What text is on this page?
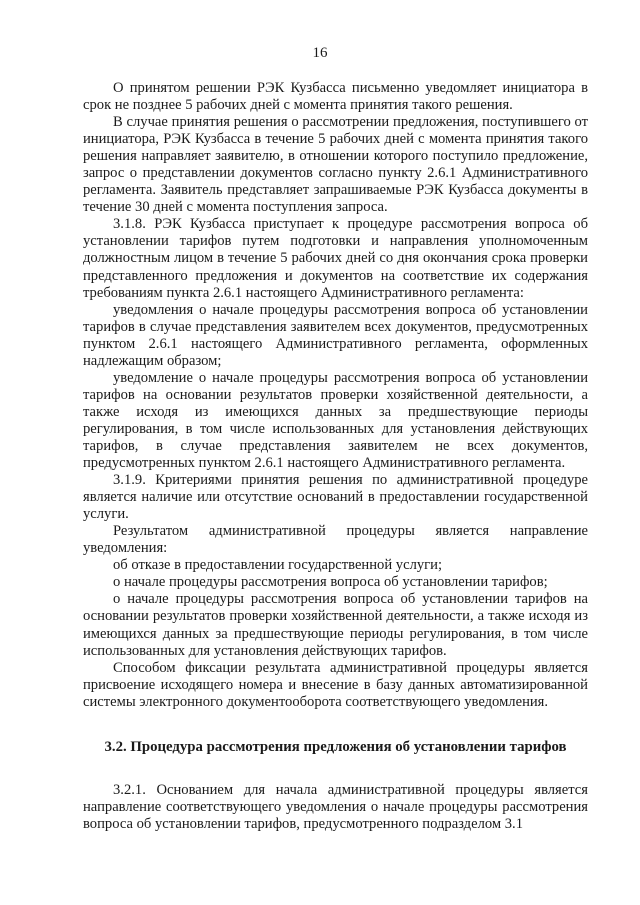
16

О принятом решении РЭК Кузбасса письменно уведомляет инициатора в срок не позднее 5 рабочих дней с момента принятия такого решения.

В случае принятия решения о рассмотрении предложения, поступившего от инициатора, РЭК Кузбасса в течение 5 рабочих дней с момента принятия такого решения направляет заявителю, в отношении которого поступило предложение, запрос о представлении документов согласно пункту 2.6.1 Административного регламента. Заявитель представляет запрашиваемые РЭК Кузбасса документы в течение 30 дней с момента поступления запроса.

3.1.8. РЭК Кузбасса приступает к процедуре рассмотрения вопроса об установлении тарифов путем подготовки и направления уполномоченным должностным лицом в течение 5 рабочих дней со дня окончания срока проверки представленного предложения и документов на соответствие их содержания требованиям пункта 2.6.1 настоящего Административного регламента:

уведомления о начале процедуры рассмотрения вопроса об установлении тарифов в случае представления заявителем всех документов, предусмотренных пунктом 2.6.1 настоящего Административного регламента, оформленных надлежащим образом;

уведомление о начале процедуры рассмотрения вопроса об установлении тарифов на основании результатов проверки хозяйственной деятельности, а также исходя из имеющихся данных за предшествующие периоды регулирования, в том числе использованных для установления действующих тарифов, в случае представления заявителем не всех документов, предусмотренных пунктом 2.6.1 настоящего Административного регламента.

3.1.9. Критериями принятия решения по административной процедуре является наличие или отсутствие оснований в предоставлении государственной услуги.

Результатом административной процедуры является направление уведомления:

об отказе в предоставлении государственной услуги;

о начале процедуры рассмотрения вопроса об установлении тарифов;

о начале процедуры рассмотрения вопроса об установлении тарифов на основании результатов проверки хозяйственной деятельности, а также исходя из имеющихся данных за предшествующие периоды регулирования, в том числе использованных для установления действующих тарифов.

Способом фиксации результата административной процедуры является присвоение исходящего номера и внесение в базу данных автоматизированной системы электронного документооборота соответствующего уведомления.

3.2. Процедура рассмотрения предложения об установлении тарифов

3.2.1. Основанием для начала административной процедуры является направление соответствующего уведомления о начале процедуры рассмотрения вопроса об установлении тарифов, предусмотренного подразделом 3.1
